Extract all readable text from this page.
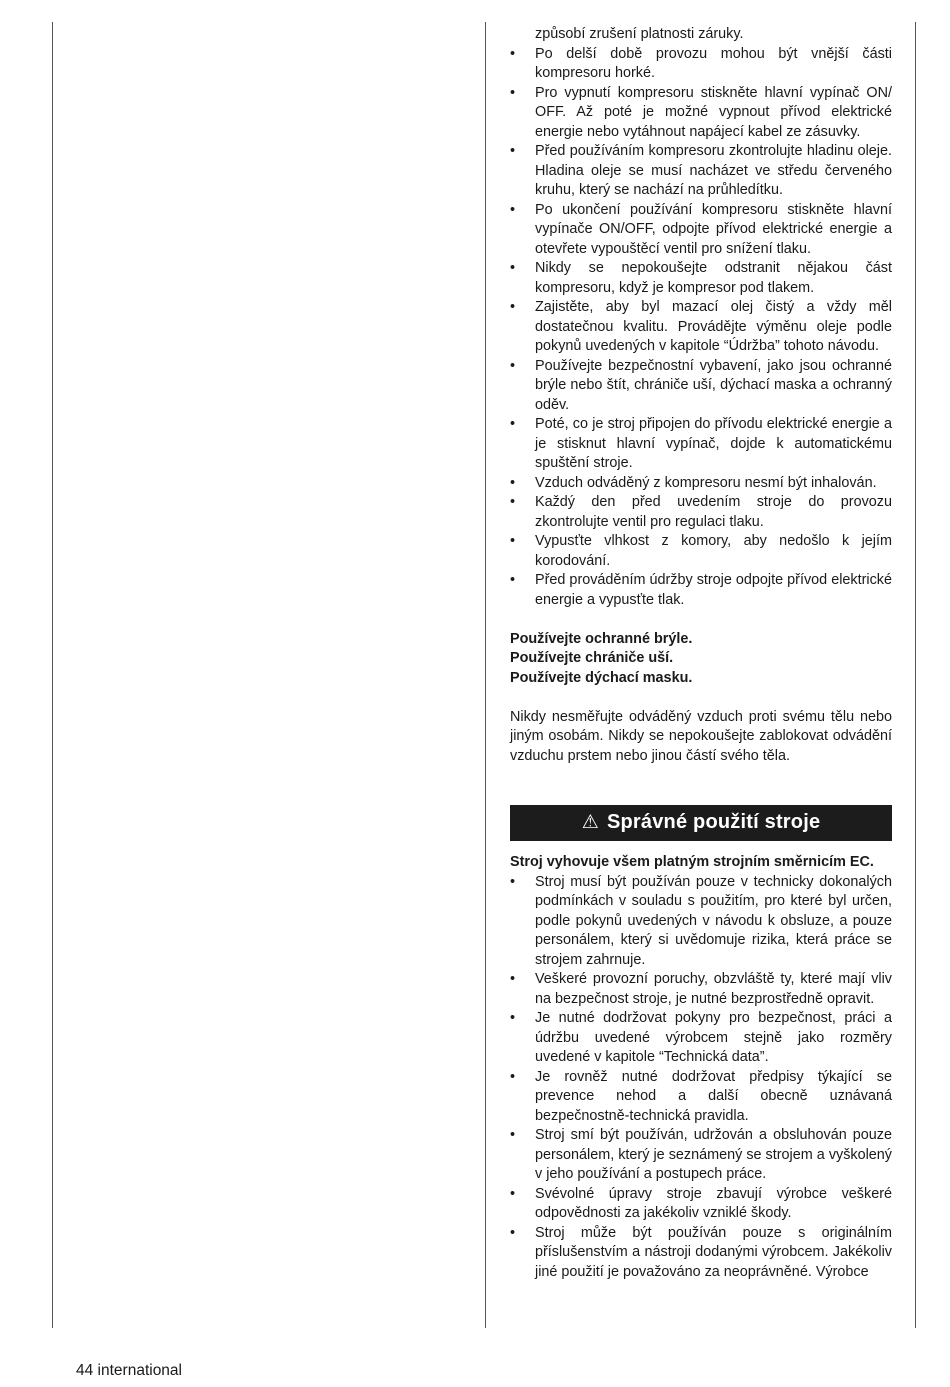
způsobí zrušení platnosti záruky.
• Po delší době provozu mohou být vnější části kompresoru horké.
• Pro vypnutí kompresoru stiskněte hlavní vypínač ON/ OFF. Až poté je možné vypnout přívod elektrické energie nebo vytáhnout napájecí kabel ze zásuvky.
• Před používáním kompresoru zkontrolujte hladinu oleje. Hladina oleje se musí nacházet ve středu červeného kruhu, který se nachází na průhledítku.
• Po ukončení používání kompresoru stiskněte hlavní vypínače ON/OFF, odpojte přívod elektrické energie a otevřete vypouštěcí ventil pro snížení tlaku.
• Nikdy se nepokoušejte odstranit nějakou část kompresoru, když je kompresor pod tlakem.
• Zajistěte, aby byl mazací olej čistý a vždy měl dostatečnou kvalitu. Provádějte výměnu oleje podle pokynů uvedených v kapitole “Údržba” tohoto návodu.
• Používejte bezpečnostní vybavení, jako jsou ochranné brýle nebo štít, chrániče uší, dýchací maska a ochranný oděv.
• Poté, co je stroj připojen do přívodu elektrické energie a je stisknut hlavní vypínač, dojde k automatickému spuštění stroje.
• Vzduch odváděný z kompresoru nesmí být inhalován.
• Každý den před uvedením stroje do provozu zkontrolujte ventil pro regulaci tlaku.
• Vypusťte vlhkost z komory, aby nedošlo k jejím korodování.
• Před prováděním údržby stroje odpojte přívod elektrické energie a vypusťte tlak.
Používejte ochranné brýle.
Používejte chrániče uší.
Používejte dýchací masku.
Nikdy nesměřujte odváděný vzduch proti svému tělu nebo jiným osobám. Nikdy se nepokoušejte zablokovat odvádění vzduchu prstem nebo jinou částí svého těla.
⚠ Správné použití stroje
Stroj vyhovuje všem platným strojním směrnicím EC.
• Stroj musí být používán pouze v technicky dokonalých podmínkách v souladu s použitím, pro které byl určen, podle pokynů uvedených v návodu k obsluze, a pouze personálem, který si uvědomuje rizika, která práce se strojem zahrnuje.
• Veškeré provozní poruchy, obzvláště ty, které mají vliv na bezpečnost stroje, je nutné bezprostředně opravit.
• Je nutné dodržovat pokyny pro bezpečnost, práci a údržbu uvedené výrobcem stejně jako rozměry uvedené v kapitole “Technická data”.
• Je rovněž nutné dodržovat předpisy týkající se prevence nehod a další obecně uznávaná bezpečnostně-technická pravidla.
• Stroj smí být používán, udržován a obsluhován pouze personálem, který je seznámený se strojem a vyškolený v jeho používání a postupech práce.
• Svévolné úpravy stroje zbavují výrobce veškeré odpovědnosti za jakékoliv vzniklé škody.
• Stroj může být používán pouze s originálním příslušenstvím a nástroji dodanými výrobcem. Jakékoliv jiné použití je považováno za neoprávněné. Výrobce
44 international
